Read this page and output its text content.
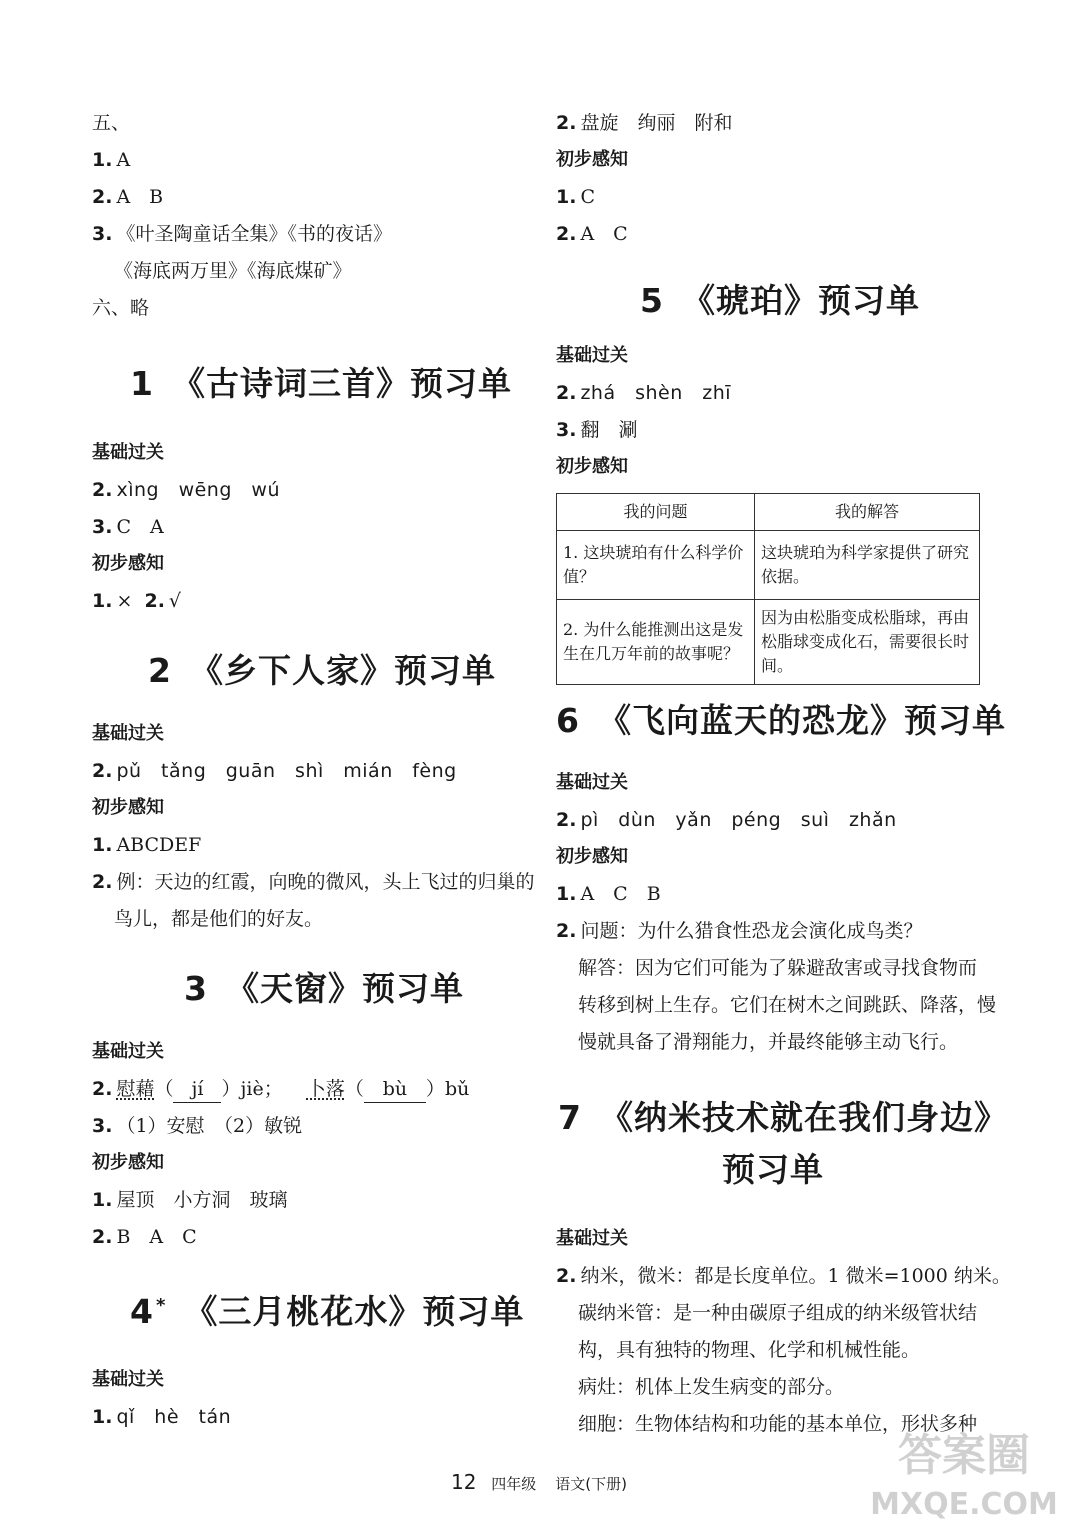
五、
1. A
2. A　B
3. 《叶圣陶童话全集》《书的夜话》
《海底两万里》《海底煤矿》
六、略
1 《古诗词三首》预习单
基础过关
2. xìng　wēng　wú
3. C　A
初步感知
1. × 2. √
2 《乡下人家》预习单
基础过关
2. pǔ　tǎng　guān　shì　mián　fèng
初步感知
1. ABCDEF
2. 例：天边的红霞，向晚的微风，头上飞过的归巢的
鸟儿，都是他们的好友。
3 《天窗》预习单
基础过关
2. 慰藉（ jí ）jiè；    卜落（ bù ）bǔ
3. （1）安慰　（2）敏锐
初步感知
1. 屋顶　小方洞　玻璃
2. B　A　C
4 * 《三月桃花水》预习单
基础过关
1. qǐ　hè　tán
2. 盘旋　绚丽　附和
初步感知
1. C
2. A　C
5 《琥珀》预习单
基础过关
2. zhá　shèn　zhī
3. 翻　涮
初步感知
我的问题	我的解答
1. 这块琥珀有什么科学价值？	这块琥珀为科学家提供了研究依据。
2. 为什么能推测出这是发生在几万年前的故事呢？	因为由松脂变成松脂球，再由松脂球变成化石，需要很长时间。
6 《飞向蓝天的恐龙》预习单
基础过关
2. pì　dùn　yǎn　péng　suì　zhǎn
初步感知
1. A　C　B
2. 问题：为什么猎食性恐龙会演化成鸟类？
解答：因为它们可能为了躲避敌害或寻找食物而
转移到树上生存。它们在树木之间跳跃、降落，慢
慢就具备了滑翔能力，并最终能够主动飞行。
7 《纳米技术就在我们身边》
预习单
基础过关
2. 纳米，微米：都是长度单位。1 微米=1000 纳米。
碳纳米管：是一种由碳原子组成的纳米级管状结
构，具有独特的物理、化学和机械性能。
病灶：机体上发生病变的部分。
细胞：生物体结构和功能的基本单位，形状多种
12 四年级 语文(下册)
答案圈
MXQE.COM
